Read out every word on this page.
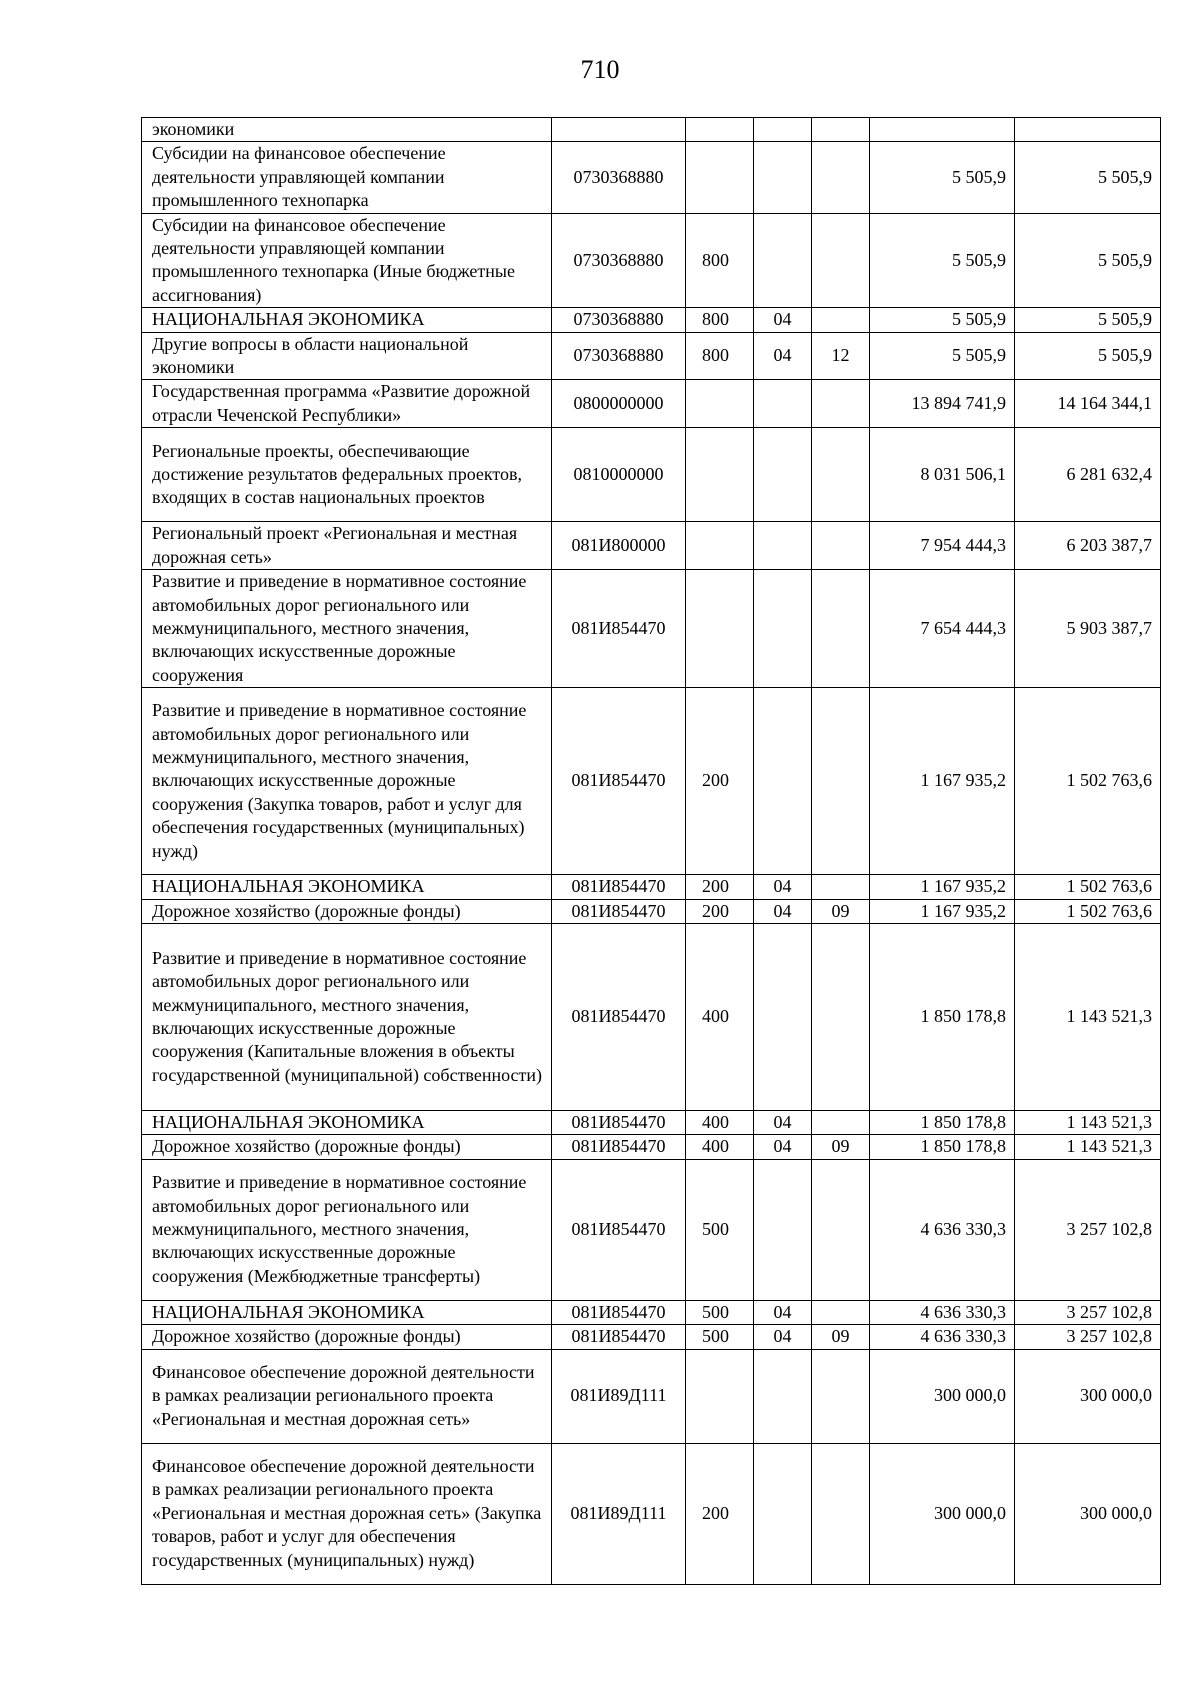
710
экономики						
Субсидии на финансовое обеспечение деятельности управляющей компании промышленного технопарка	0730368880				5 505,9	5 505,9
Субсидии на финансовое обеспечение деятельности управляющей компании промышленного технопарка (Иные бюджетные ассигнования)	0730368880	800			5 505,9	5 505,9
НАЦИОНАЛЬНАЯ ЭКОНОМИКА	0730368880	800	04		5 505,9	5 505,9
Другие вопросы в области национальной экономики	0730368880	800	04	12	5 505,9	5 505,9
Государственная программа «Развитие дорожной отрасли Чеченской Республики»	0800000000				13 894 741,9	14 164 344,1
Региональные проекты, обеспечивающие достижение результатов федеральных проектов, входящих в состав национальных проектов	0810000000				8 031 506,1	6 281 632,4
Региональный проект «Региональная и местная дорожная сеть»	081И800000				7 954 444,3	6 203 387,7
Развитие и приведение в нормативное состояние автомобильных дорог регионального или межмуниципального, местного значения, включающих искусственные дорожные сооружения	081И854470				7 654 444,3	5 903 387,7
Развитие и приведение в нормативное состояние автомобильных дорог регионального или межмуниципального, местного значения, включающих искусственные дорожные сооружения (Закупка товаров, работ и услуг для обеспечения государственных (муниципальных) нужд)	081И854470	200			1 167 935,2	1 502 763,6
НАЦИОНАЛЬНАЯ ЭКОНОМИКА	081И854470	200	04		1 167 935,2	1 502 763,6
Дорожное хозяйство (дорожные фонды)	081И854470	200	04	09	1 167 935,2	1 502 763,6
Развитие и приведение в нормативное состояние автомобильных дорог регионального или межмуниципального, местного значения, включающих искусственные дорожные сооружения (Капитальные вложения в объекты государственной (муниципальной) собственности)	081И854470	400			1 850 178,8	1 143 521,3
НАЦИОНАЛЬНАЯ ЭКОНОМИКА	081И854470	400	04		1 850 178,8	1 143 521,3
Дорожное хозяйство (дорожные фонды)	081И854470	400	04	09	1 850 178,8	1 143 521,3
Развитие и приведение в нормативное состояние автомобильных дорог регионального или межмуниципального, местного значения, включающих искусственные дорожные сооружения (Межбюджетные трансферты)	081И854470	500			4 636 330,3	3 257 102,8
НАЦИОНАЛЬНАЯ ЭКОНОМИКА	081И854470	500	04		4 636 330,3	3 257 102,8
Дорожное хозяйство (дорожные фонды)	081И854470	500	04	09	4 636 330,3	3 257 102,8
Финансовое обеспечение дорожной деятельности в рамках реализации регионального проекта «Региональная и местная дорожная сеть»	081И89Д111				300 000,0	300 000,0
Финансовое обеспечение дорожной деятельности в рамках реализации регионального проекта «Региональная и местная дорожная сеть» (Закупка товаров, работ и услуг для обеспечения государственных (муниципальных) нужд)	081И89Д111	200			300 000,0	300 000,0
